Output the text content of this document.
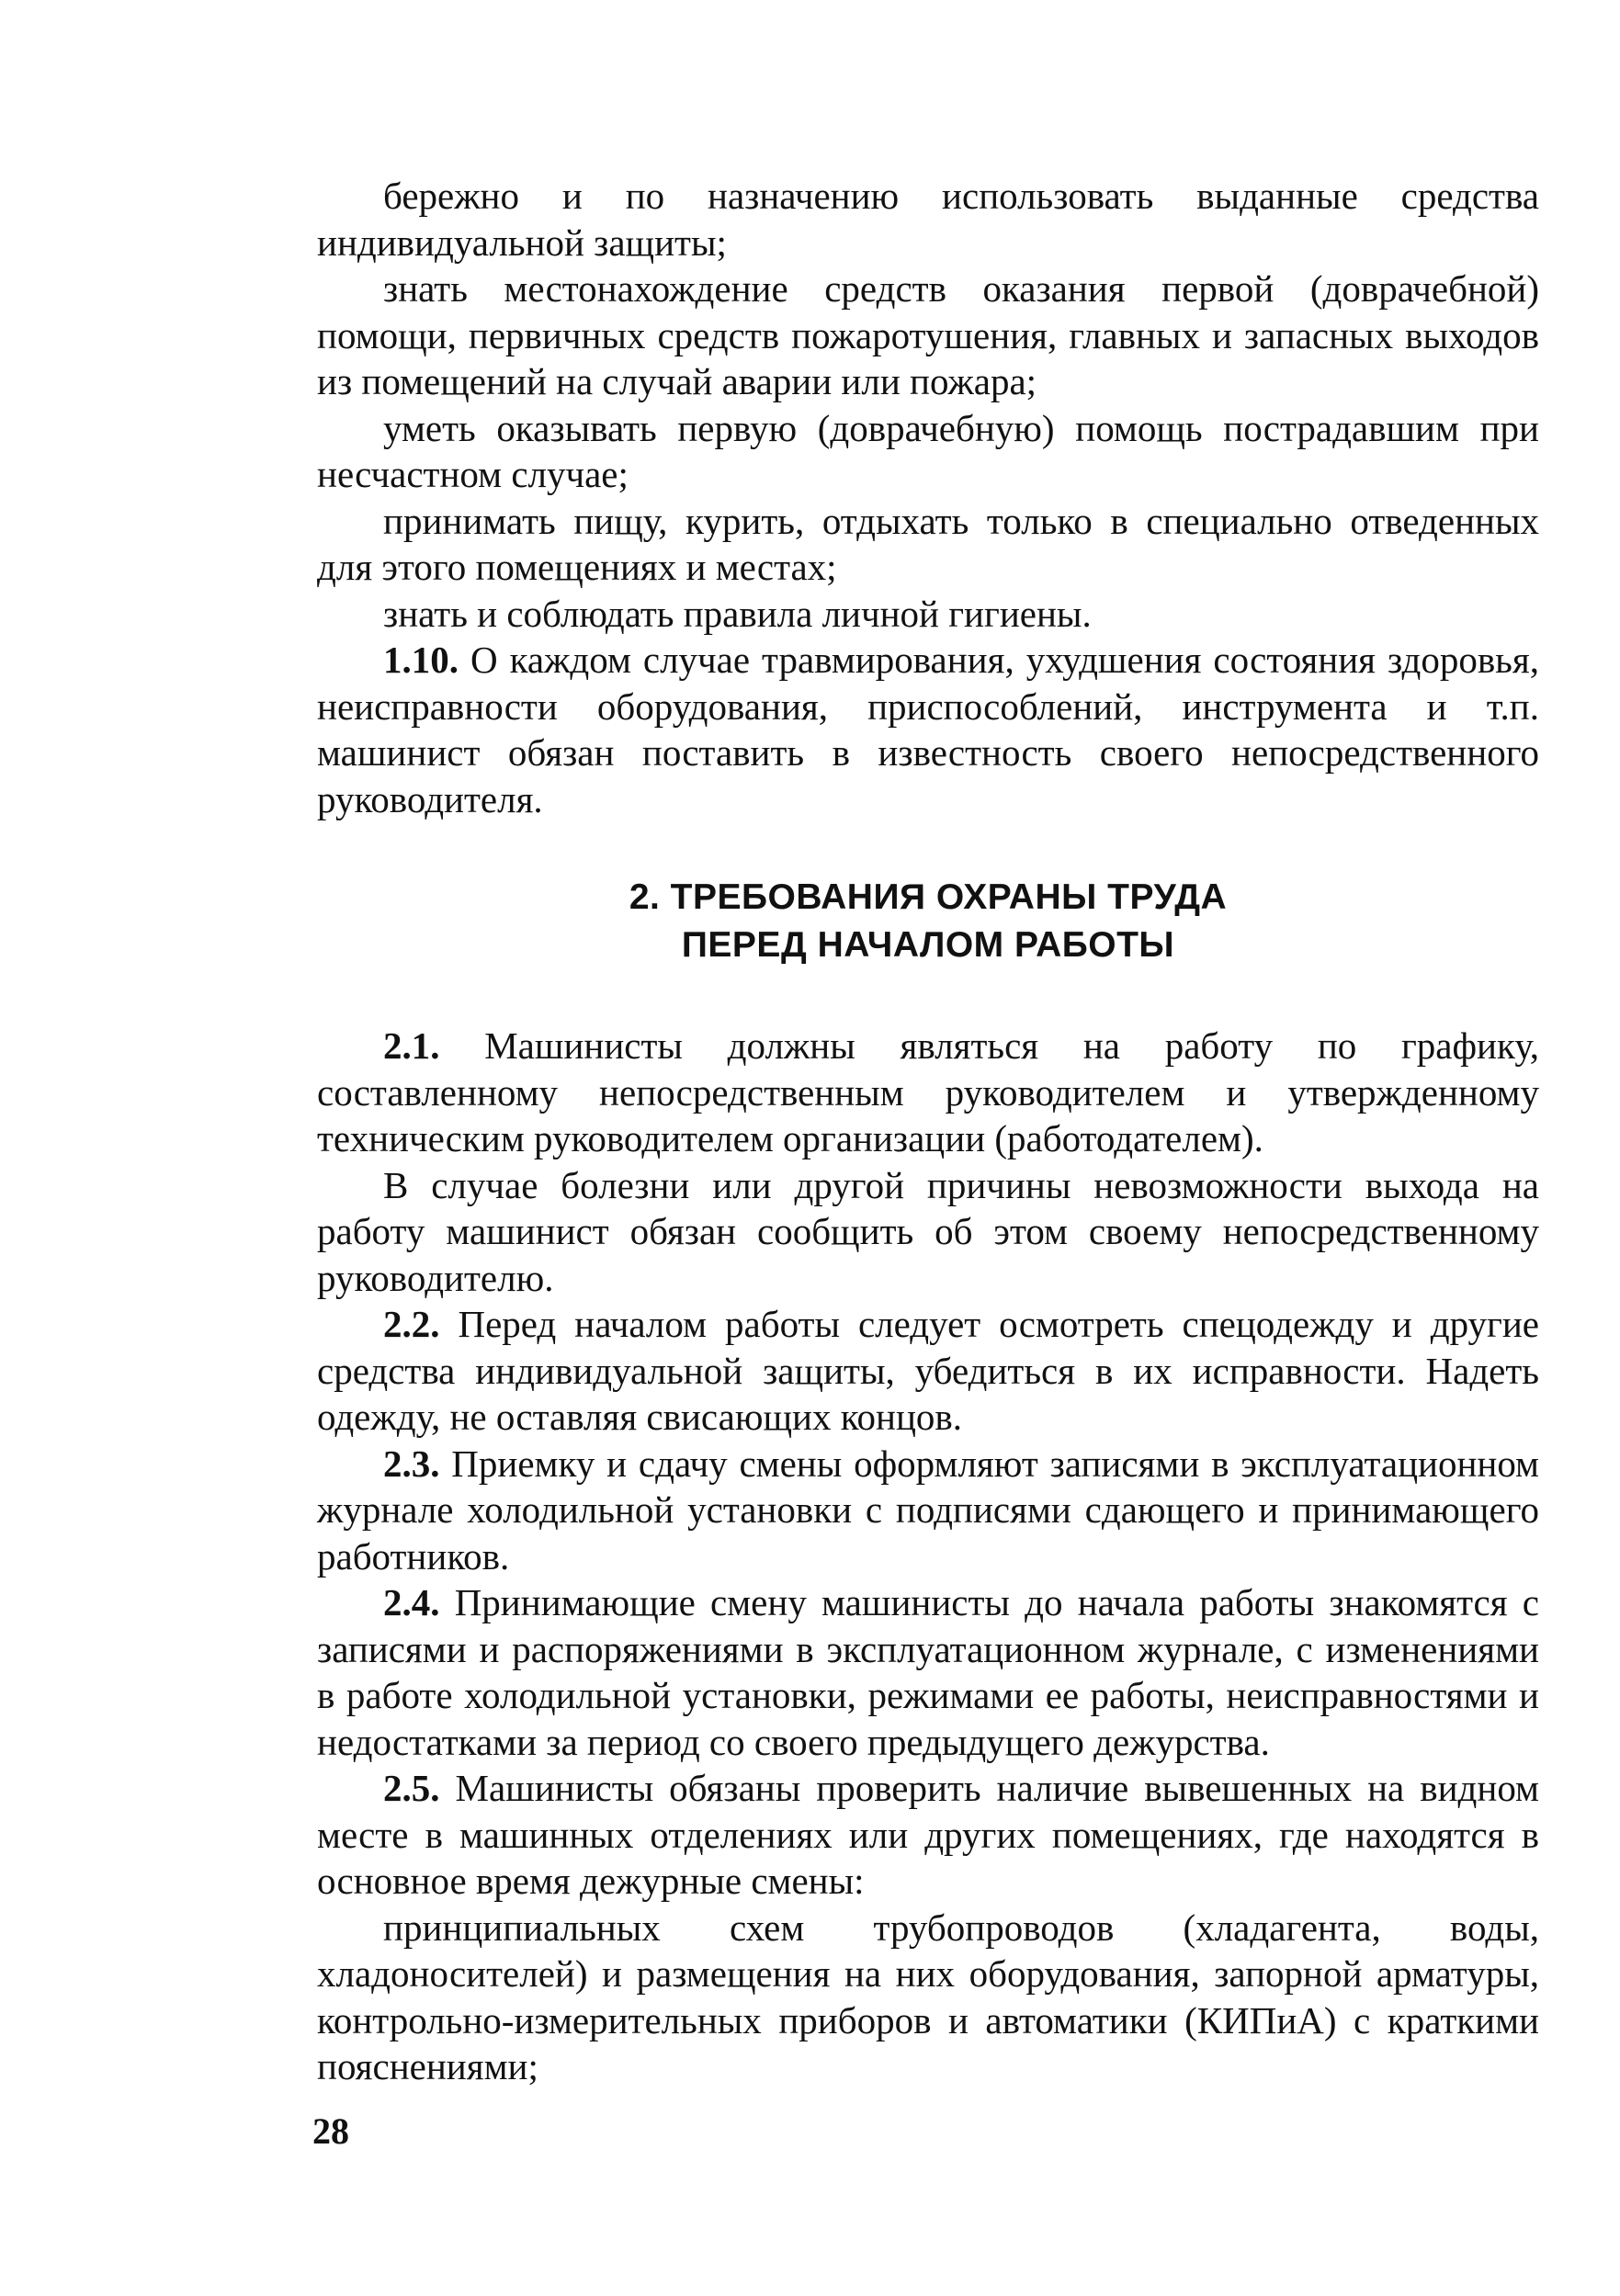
бережно и по назначению использовать выданные средства индивидуальной защиты;

знать местонахождение средств оказания первой (доврачебной) помощи, первичных средств пожаротушения, главных и запасных выходов из помещений на случай аварии или пожара;

уметь оказывать первую (доврачебную) помощь пострадавшим при несчастном случае;

принимать пищу, курить, отдыхать только в специально отведенных для этого помещениях и местах;

знать и соблюдать правила личной гигиены.

1.10. О каждом случае травмирования, ухудшения состояния здоровья, неисправности оборудования, приспособлений, инструмента и т.п. машинист обязан поставить в известность своего непосредственного руководителя.

2. ТРЕБОВАНИЯ ОХРАНЫ ТРУДА
ПЕРЕД НАЧАЛОМ РАБОТЫ

2.1. Машинисты должны являться на работу по графику, составленному непосредственным руководителем и утвержденному техническим руководителем организации (работодателем).

В случае болезни или другой причины невозможности выхода на работу машинист обязан сообщить об этом своему непосредственному руководителю.

2.2. Перед началом работы следует осмотреть спецодежду и другие средства индивидуальной защиты, убедиться в их исправности. Надеть одежду, не оставляя свисающих концов.

2.3. Приемку и сдачу смены оформляют записями в эксплуатационном журнале холодильной установки с подписями сдающего и принимающего работников.

2.4. Принимающие смену машинисты до начала работы знакомятся с записями и распоряжениями в эксплуатационном журнале, с изменениями в работе холодильной установки, режимами ее работы, неисправностями и недостатками за период со своего предыдущего дежурства.

2.5. Машинисты обязаны проверить наличие вывешенных на видном месте в машинных отделениях или других помещениях, где находятся в основное время дежурные смены:

принципиальных схем трубопроводов (хладагента, воды, хладоносителей) и размещения на них оборудования, запорной арматуры, контрольно-измерительных приборов и автоматики (КИПиА) с краткими пояснениями;

28
